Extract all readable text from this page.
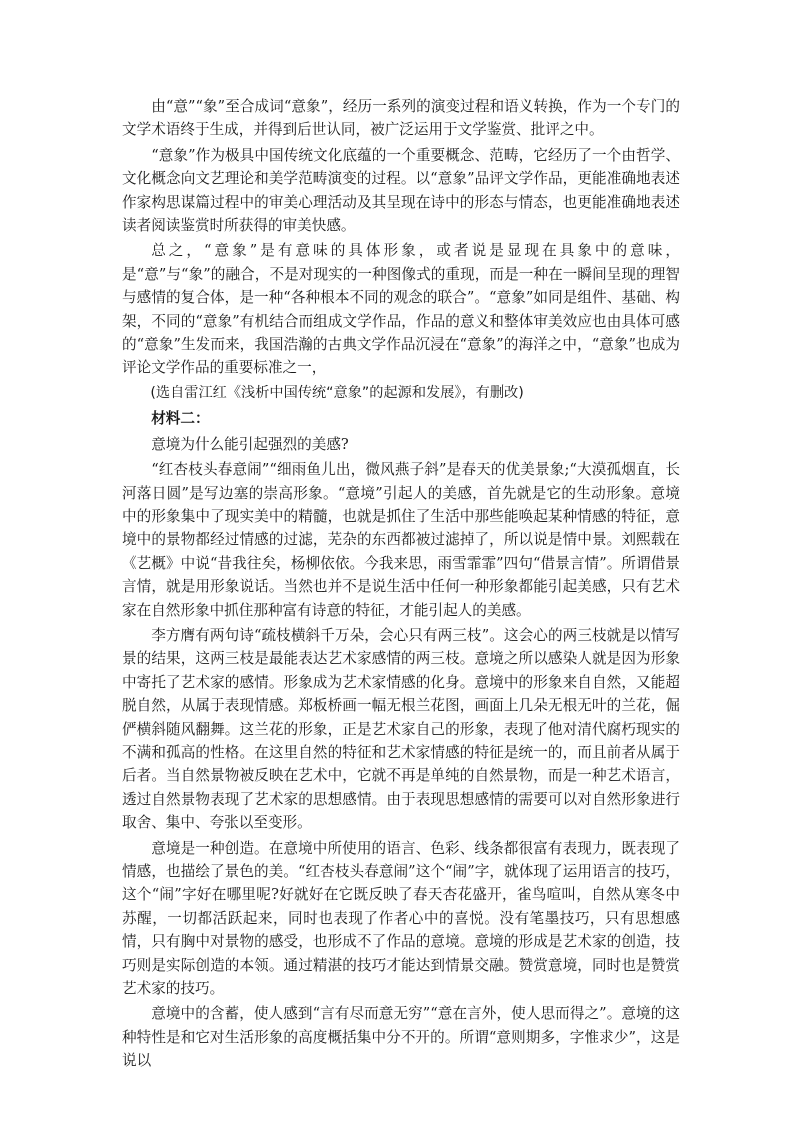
由“意”“象”至合成词“意象”，经历一系列的演变过程和语义转换，作为一个专门的文学术语终于生成，并得到后世认同，被广泛运用于文学鉴赏、批评之中。

“意象”作为极具中国传统文化底蕴的一个重要概念、范畴，它经历了一个由哲学、文化概念向文艺理论和美学范畴演变的过程。以“意象”品评文学作品，更能准确地表述作家构思谋篇过程中的审美心理活动及其呈现在诗中的形态与情态，也更能准确地表述读者阅读鉴赏时所获得的审美快感。

总之，“意象”是有意味的具体形象，或者说是显现在具象中的意味，是“意”与“象”的融合，不是对现实的一种图像式的重现，而是一种在一瞬间呈现的理智与感情的复合体，是一种“各种根本不同的观念的联合”。“意象”如同是组件、基础、构架，不同的“意象”有机结合而组成文学作品，作品的意义和整体审美效应也由具体可感的“意象”生发而来，我国浩瀚的古典文学作品沉浸在“意象”的海洋之中，“意象”也成为评论文学作品的重要标准之一，

(选自雷江红《浅析中国传统“意象”的起源和发展》，有删改)

材料二：

意境为什么能引起强烈的美感?

“红杏枝头春意闹”“细雨鱼儿出，微风燕子斜”是春天的优美景象;“大漠孤烟直，长河落日圆”是写边塞的崇高形象。“意境”引起人的美感，首先就是它的生动形象。意境中的形象集中了现实美中的精髓，也就是抓住了生活中那些能唤起某种情感的特征，意境中的景物都经过情感的过滤，芜杂的东西都被过滤掉了，所以说是情中景。刘熙载在《艺概》中说“昔我往矣，杨柳依依。今我来思，雨雪霏霏”四句“借景言情”。所谓借景言情，就是用形象说话。当然也并不是说生活中任何一种形象都能引起美感，只有艺术家在自然形象中抓住那种富有诗意的特征，才能引起人的美感。

李方膺有两句诗“疏枝横斜千万朵，会心只有两三枝”。这会心的两三枝就是以情写景的结果，这两三枝是最能表达艺术家感情的两三枝。意境之所以感染人就是因为形象中寄托了艺术家的感情。形象成为艺术家情感的化身。意境中的形象来自自然，又能超脱自然，从属于表现情感。郑板桥画一幅无根兰花图，画面上几朵无根无叶的兰花，倔俨横斜随风翻舞。这兰花的形象，正是艺术家自己的形象，表现了他对清代腐朽现实的不满和孤高的性格。在这里自然的特征和艺术家情感的特征是统一的，而且前者从属于后者。当自然景物被反映在艺术中，它就不再是单纯的自然景物，而是一种艺术语言，透过自然景物表现了艺术家的思想感情。由于表现思想感情的需要可以对自然形象进行取舍、集中、夸张以至变形。

意境是一种创造。在意境中所使用的语言、色彩、线条都很富有表现力，既表现了情感，也描绘了景色的美。“红杏枝头春意闹”这个“闹”字，就体现了运用语言的技巧，这个“闹”字好在哪里呢?好就好在它既反映了春天杏花盛开，雀鸟喧叫，自然从寒冬中苏醒，一切都活跃起来，同时也表现了作者心中的喜悦。没有笔墨技巧，只有思想感情，只有胸中对景物的感受，也形成不了作品的意境。意境的形成是艺术家的创造，技巧则是实际创造的本领。通过精湛的技巧才能达到情景交融。赞赏意境，同时也是赞赏艺术家的技巧。

意境中的含蓄，使人感到“言有尽而意无穷”“意在言外，使人思而得之”。意境的这种特性是和它对生活形象的高度概括集中分不开的。所谓“意则期多，字惟求少”，这是说以
